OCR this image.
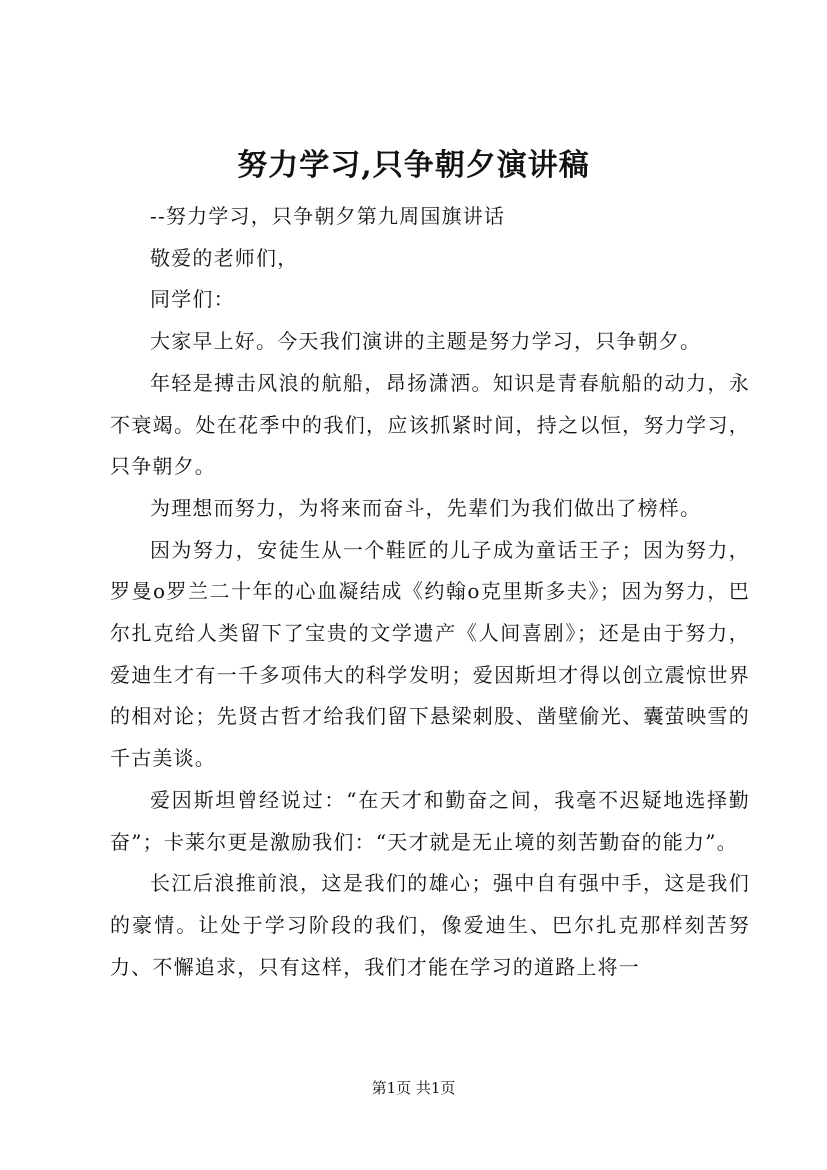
努力学习,只争朝夕演讲稿

--努力学习，只争朝夕第九周国旗讲话

敬爱的老师们，

同学们：

大家早上好。今天我们演讲的主题是努力学习，只争朝夕。

年轻是搏击风浪的航船，昂扬潇洒。知识是青春航船的动力，永不衰竭。处在花季中的我们，应该抓紧时间，持之以恒，努力学习，只争朝夕。

为理想而努力，为将来而奋斗，先辈们为我们做出了榜样。

因为努力，安徒生从一个鞋匠的儿子成为童话王子；因为努力，罗曼ο罗兰二十年的心血凝结成《约翰ο克里斯多夫》；因为努力，巴尔扎克给人类留下了宝贵的文学遗产《人间喜剧》；还是由于努力，爱迪生才有一千多项伟大的科学发明；爱因斯坦才得以创立震惊世界的相对论；先贤古哲才给我们留下悬梁刺股、凿壁偷光、囊萤映雪的千古美谈。

爱因斯坦曾经说过：“在天才和勤奋之间，我毫不迟疑地选择勤奋”；卡莱尔更是激励我们：“天才就是无止境的刻苦勤奋的能力”。

长江后浪推前浪，这是我们的雄心；强中自有强中手，这是我们的豪情。让处于学习阶段的我们，像爱迪生、巴尔扎克那样刻苦努力、不懈追求，只有这样，我们才能在学习的道路上将一

第1页 共1页
